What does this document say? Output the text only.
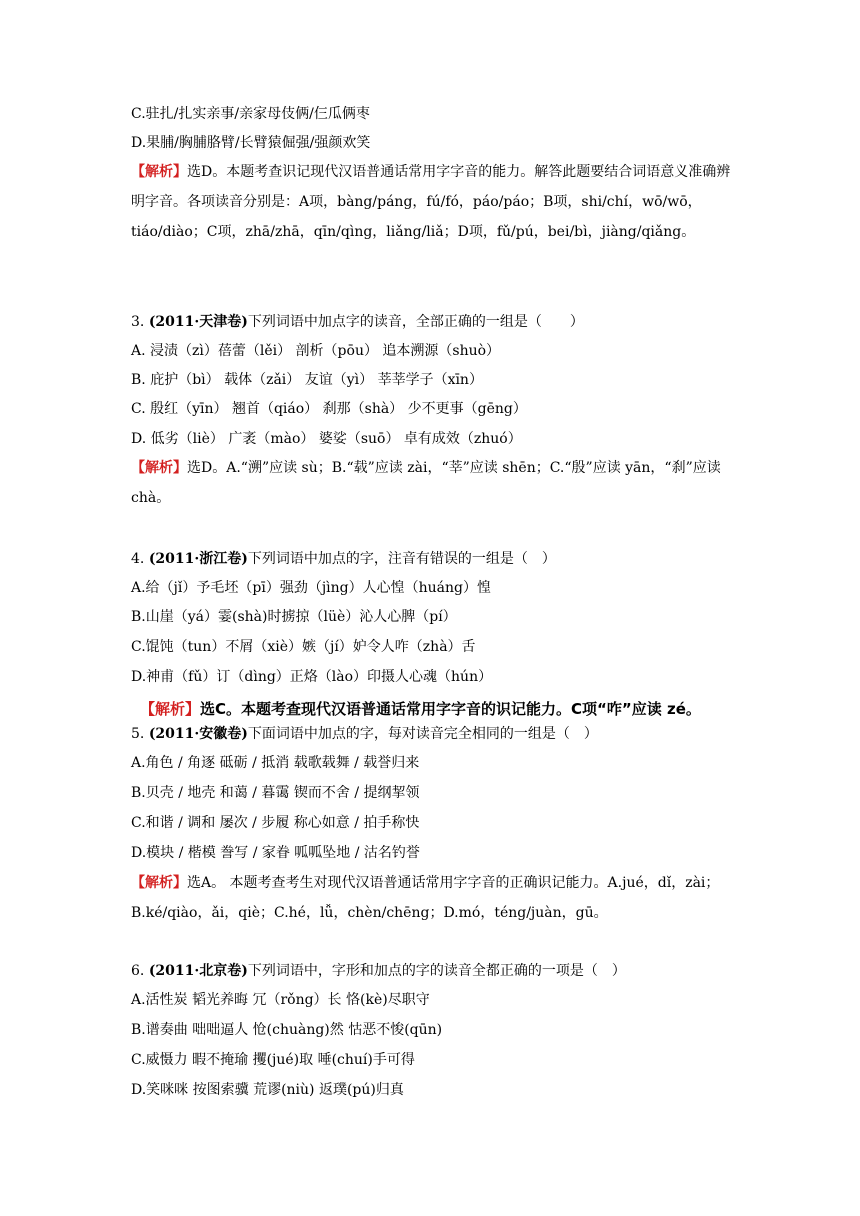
C.驻扎/扎实亲事/亲家母伎俩/仨瓜俩枣
D.果脯/胸脯胳臂/长臂猿倔强/强颜欢笑
【解析】选D。本题考查识记现代汉语普通话常用字字音的能力。解答此题要结合词语意义准确辨明字音。各项读音分别是：A项，bàng/páng，fú/fó，páo/páo；B项，shi/chí，wō/wō，tiáo/diào；C项，zhā/zhā，qīn/qìng，liǎng/liǎ；D项，fǔ/pú，bei/bì，jiàng/qiǎng。
3. (2011·天津卷)下列词语中加点字的读音，全部正确的一组是（　　）
A. 浸渍（zì）蓓蕾（lěi） 剖析（pōu） 追本溯源（shuò）
B. 庇护（bì） 载体（zǎi） 友谊（yì） 莘莘学子（xīn）
C. 殷红（yīn） 翘首（qiáo） 刹那（shà） 少不更事（gēng）
D. 低劣（liè） 广袤（mào） 婆娑（suō） 卓有成效（zhuó）
【解析】选D。A.“溯”应读 sù；B.“载”应读 zài，“莘”应读 shēn；C.“殷”应读 yān，“刹”应读 chà。
4. (2011·浙江卷)下列词语中加点的字，注音有错误的一组是（　）
A.给（jǐ）予毛坯（pī）强劲（jìng）人心惶（huáng）惶
B.山崖（yá）霎(shà)时掳掠（lüè）沁人心脾（pí）
C.馄饨（tun）不屑（xiè）嫉（jí）妒令人咋（zhà）舌
D.神甫（fǔ）订（dìng）正烙（lào）印摄人心魂（hún）
【解析】选C。本题考查现代汉语普通话常用字字音的识记能力。C项“咋”应读 zé。
5. (2011·安徽卷)下面词语中加点的字，每对读音完全相同的一组是（　）
A.角色 / 角逐 砥砺 / 抵消 载歌载舞 / 载誉归来
B.贝壳 / 地壳 和蔼 / 暮霭 锲而不舍 / 提纲挈领
C.和谐 / 调和 屡次 / 步履 称心如意 / 拍手称快
D.模块 / 楷模 誊写 / 家眷 呱呱坠地 / 沽名钓誉
【解析】选A。 本题考查考生对现代汉语普通话常用字字音的正确识记能力。A.jué，dǐ，zài；B.ké/qiào，ǎi，qiè；C.hé，lǚ，chèn/chēng；D.mó，téng/juàn，gū。
6. (2011·北京卷)下列词语中，字形和加点的字的读音全都正确的一项是（　）
A.活性炭 韬光养晦 冗（rǒng）长 恪(kè)尽职守
B.谱奏曲 咄咄逼人 怆(chuàng)然 怙恶不悛(qūn)
C.威慑力 暇不掩瑜 攫(jué)取 唾(chuí)手可得
D.笑咪咪 按图索骥 荒谬(niù) 返璞(pú)归真
